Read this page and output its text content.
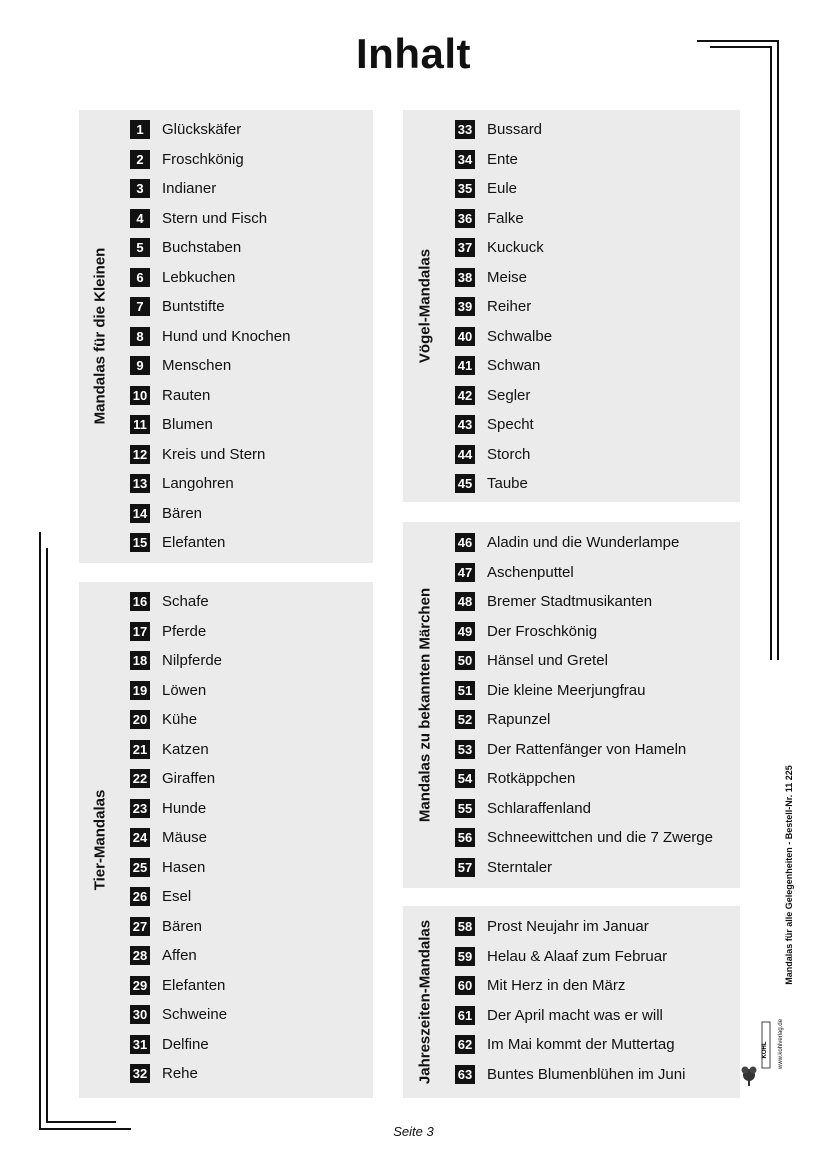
Inhalt
Mandalas für die Kleinen
1	Glückskäfer
2	Froschkönig
3	Indianer
4	Stern und Fisch
5	Buchstaben
6	Lebkuchen
7	Buntstifte
8	Hund und Knochen
9	Menschen
10 Rauten
11 Blumen
12 Kreis und Stern
13 Langohren
14 Bären
15 Elefanten
Tier-Mandalas
16 Schafe
17 Pferde
18 Nilpferde
19 Löwen
20 Kühe
21 Katzen
22 Giraffen
23 Hunde
24 Mäuse
25 Hasen
26 Esel
27 Bären
28 Affen
29 Elefanten
30 Schweine
31 Delfine
32 Rehe
Vögel-Mandalas
33 Bussard
34 Ente
35 Eule
36 Falke
37 Kuckuck
38 Meise
39 Reiher
40 Schwalbe
41 Schwan
42 Segler
43 Specht
44 Storch
45 Taube
Mandalas zu bekannten Märchen
46 Aladin und die Wunderlampe
47 Aschenputtel
48 Bremer Stadtmusikanten
49 Der Froschkönig
50 Hänsel und Gretel
51 Die kleine Meerjungfrau
52 Rapunzel
53 Der Rattenfänger von Hameln
54 Rotkäppchen
55 Schlaraffenland
56 Schneewittchen und die 7 Zwerge
57 Sterntaler
Jahreszeiten-Mandalas 58 Prost Neujahr im Januar
59 Helau & Alaaf zum Februar
60 Mit Herz in den März
61 Der April macht was er will
62 Im Mai kommt der Muttertag
63 Buntes Blumenblühen im Juni
Mandalas für alle Gelegenheiten - Bestell-Nr. 11 225
www.kohlverlag.de
KOHL
Seite 3
